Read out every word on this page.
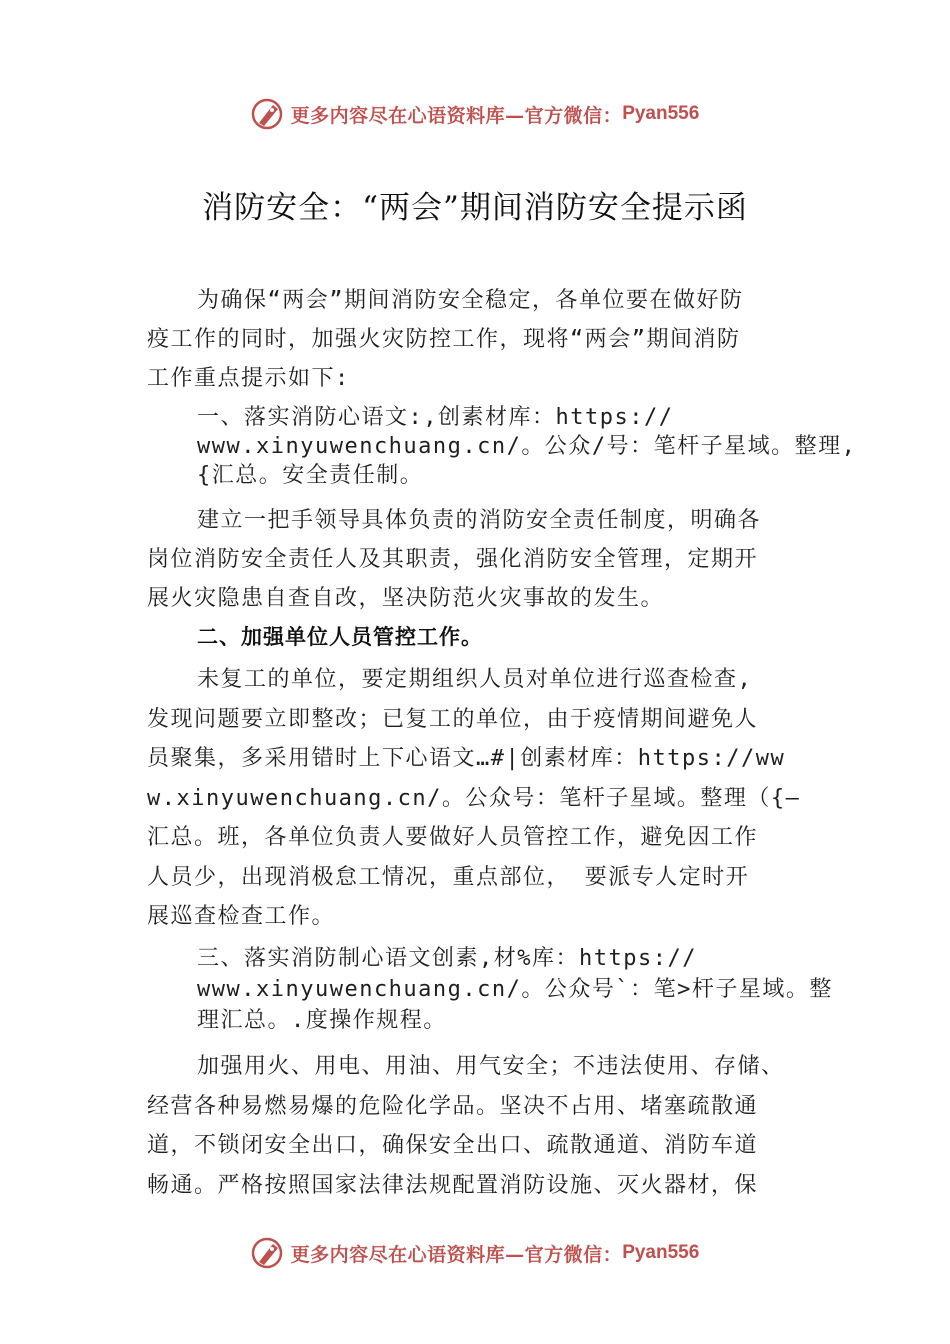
更多内容尽在心语资料库—官方微信： Pyan556
消防安全：“两会”期间消防安全提示函
为确保“两会”期间消防安全稳定，各单位要在做好防
疫工作的同时，加强火灾防控工作，现将“两会”期间消防
工作重点提示如下:
一、落实消防心语文:,创素材库：https://
www.xinyuwenchuang.cn/。公众/号：笔杆子星域。整理,
{汇总。安全责任制。
建立一把手领导具体负责的消防安全责任制度，明确各
岗位消防安全责任人及其职责，强化消防安全管理，定期开
展火灾隐患自查自改，坚决防范火灾事故的发生。
二、加强单位人员管控工作。
未复工的单位，要定期组织人员对单位进行巡查检查,
发现问题要立即整改；已复工的单位，由于疫情期间避免人
员聚集，多采用错时上下心语文…#|创素材库：https://ww
w.xinyuwenchuang.cn/。公众号：笔杆子星域。整理（{—
汇总。班，各单位负责人要做好人员管控工作，避免因工作
人员少，出现消极怠工情况，重点部位， 要派专人定时开
展巡查检查工作。
三、落实消防制心语文创素,材%库：https://
www.xinyuwenchuang.cn/。公众号`：笔>杆子星域。整
理汇总。.度操作规程。
加强用火、用电、用油、用气安全；不违法使用、存储、
经营各种易燃易爆的危险化学品。坚决不占用、堵塞疏散通
道，不锁闭安全出口，确保安全出口、疏散通道、消防车道
畅通。严格按照国家法律法规配置消防设施、灭火器材，保
更多内容尽在心语资料库—官方微信： Pyan556
